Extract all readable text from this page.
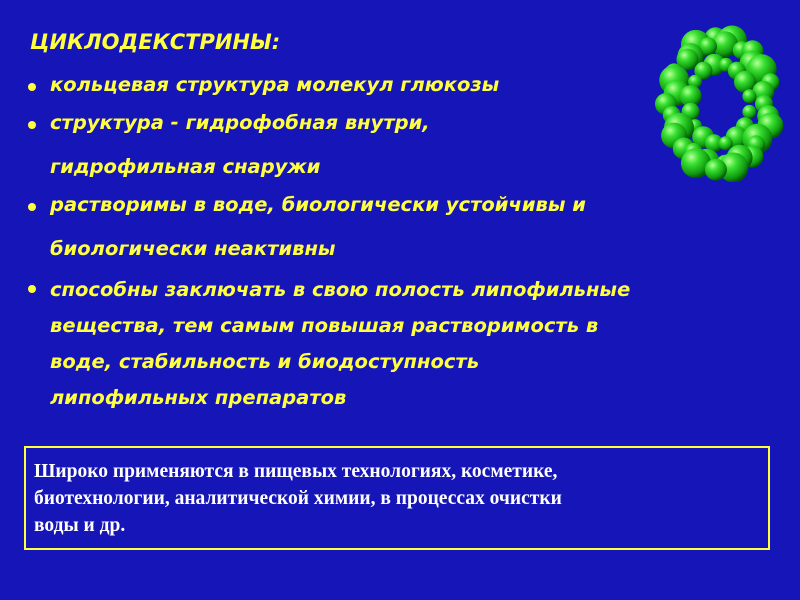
ЦИКЛОДЕКСТРИНЫ:
кольцевая структура молекул глюкозы
структура - гидрофобная внутри,
гидрофильная снаружи
растворимы в воде, биологически устойчивы и
биологически неактивны
способны заключать в свою полость липофильные
вещества, тем самым повышая растворимость в
воде, стабильность и биодоступность
липофильных препаратов
Широко применяются в пищевых технологиях, косметике,
биотехнологии, аналитической химии, в процессах очистки
воды и др.
